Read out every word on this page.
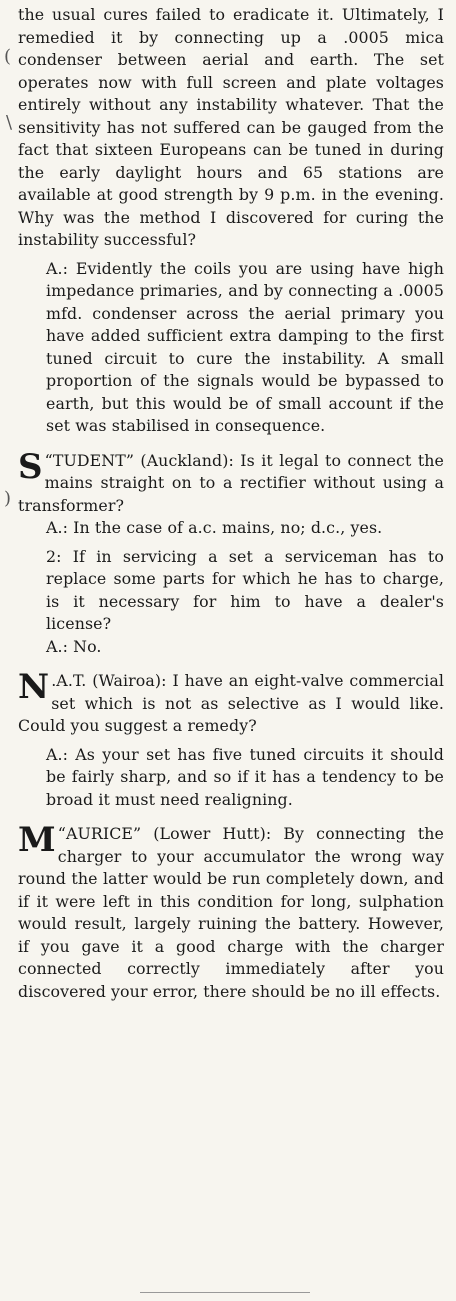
the usual cures failed to eradicate it. Ultimately, I remedied it by connecting up a .0005 mica condenser between aerial and earth. The set operates now with full screen and plate voltages entirely without any instability whatever. That the sensitivity has not suffered can be gauged from the fact that sixteen Europeans can be tuned in during the early daylight hours and 65 stations are available at good strength by 9 p.m. in the evening. Why was the method I discovered for curing the instability successful?

A.: Evidently the coils you are using have high impedance primaries, and by connecting a .0005 mfd. condenser across the aerial primary you have added sufficient extra damping to the first tuned circuit to cure the instability. A small proportion of the signals would be bypassed to earth, but this would be of small account if the set was stabilised in consequence.

“
S TUDENT” (Auckland): Is it legal to connect the mains straight on to a rectifier without using a transformer?

A.: In the case of a.c. mains, no; d.c., yes.

2: If in servicing a set a serviceman has to replace some parts for which he has to charge, is it necessary for him to have a dealer's license?

A.: No.

N .A.T. (Wairoa): I have an eight-valve commercial set which is not as selective as I would like. Could you suggest a remedy?

A.: As your set has five tuned circuits it should be fairly sharp, and so if it has a tendency to be broad it must need realigning.

“
M AURICE” (Lower Hutt): By connecting the charger to your accumulator the wrong way round the latter would be run completely down, and if it were left in this condition for long, sulphation would result, largely ruining the battery. However, if you gave it a good charge with the charger connected correctly immediately after you discovered your error, there should be no ill effects.

(
\
)
